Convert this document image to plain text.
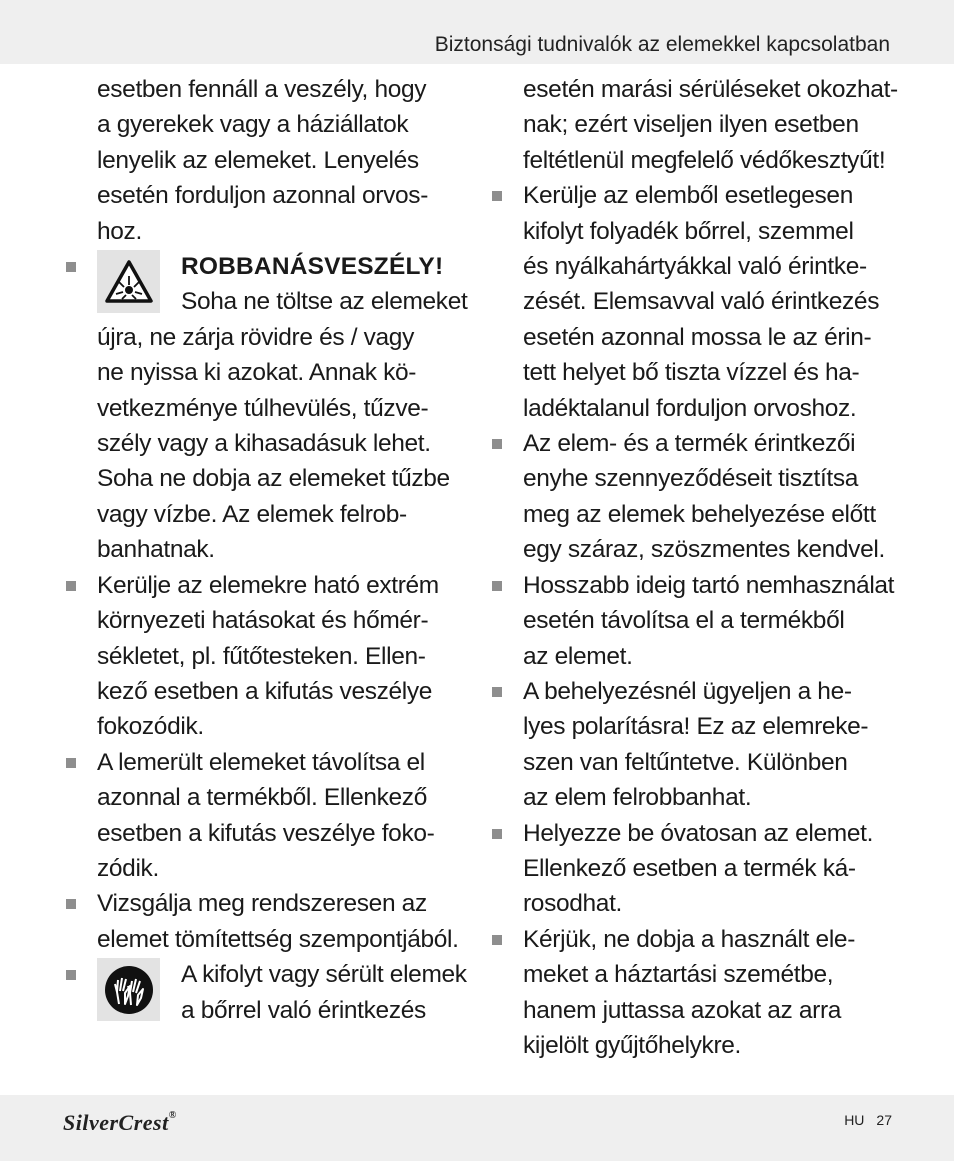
Biztonsági tudnivalók az elemekkel kapcsolatban

esetben fennáll a veszély, hogy

a gyerekek vagy a háziállatok

lenyelik az elemeket. Lenyelés

esetén forduljon azonnal orvos-

hoz.

ROBBANÁSVESZÉLY!

Soha ne töltse az elemeket

újra, ne zárja rövidre és / vagy

ne nyissa ki azokat. Annak kö-

vetkezménye túlhevülés, tűzve-

szély vagy a kihasadásuk lehet.

Soha ne dobja az elemeket tűzbe

vagy vízbe. Az elemek felrob-

banhatnak.

Kerülje az elemekre ható extrém

környezeti hatásokat és hőmér-

sékletet, pl. fűtőtesteken. Ellen-

kező esetben a kifutás veszélye

fokozódik.

A lemerült elemeket távolítsa el

azonnal a termékből. Ellenkező

esetben a kifutás veszélye foko-

zódik.

Vizsgálja meg rendszeresen az

elemet tömítettség szempontjából.

A kifolyt vagy sérült elemek

a bőrrel való érintkezés

esetén marási sérüléseket okozhat-

nak; ezért viseljen ilyen esetben

feltétlenül megfelelő védőkesztyűt!

Kerülje az elemből esetlegesen

kifolyt folyadék bőrrel, szemmel

és nyálkahártyákkal való érintke-

zését. Elemsavval való érintkezés

esetén azonnal mossa le az érin-

tett helyet bő tiszta vízzel és ha-

ladéktalanul forduljon orvoshoz.

Az elem- és a termék érintkezői

enyhe szennyeződéseit tisztítsa

meg az elemek behelyezése előtt

egy száraz, szöszmentes kendvel.

Hosszabb ideig tartó nemhasználat

esetén távolítsa el a termékből

az elemet.

A behelyezésnél ügyeljen a he-

lyes polarításra! Ez az elemreke-

szen van feltűntetve. Különben

az elem felrobbanhat.

Helyezze be óvatosan az elemet.

Ellenkező esetben a termék ká-

rosodhat.

Kérjük, ne dobja a használt ele-

meket a háztartási szemétbe,

hanem juttassa azokat az arra

kijelölt gyűjtőhelykre.

SilverCrest®	HU 27
